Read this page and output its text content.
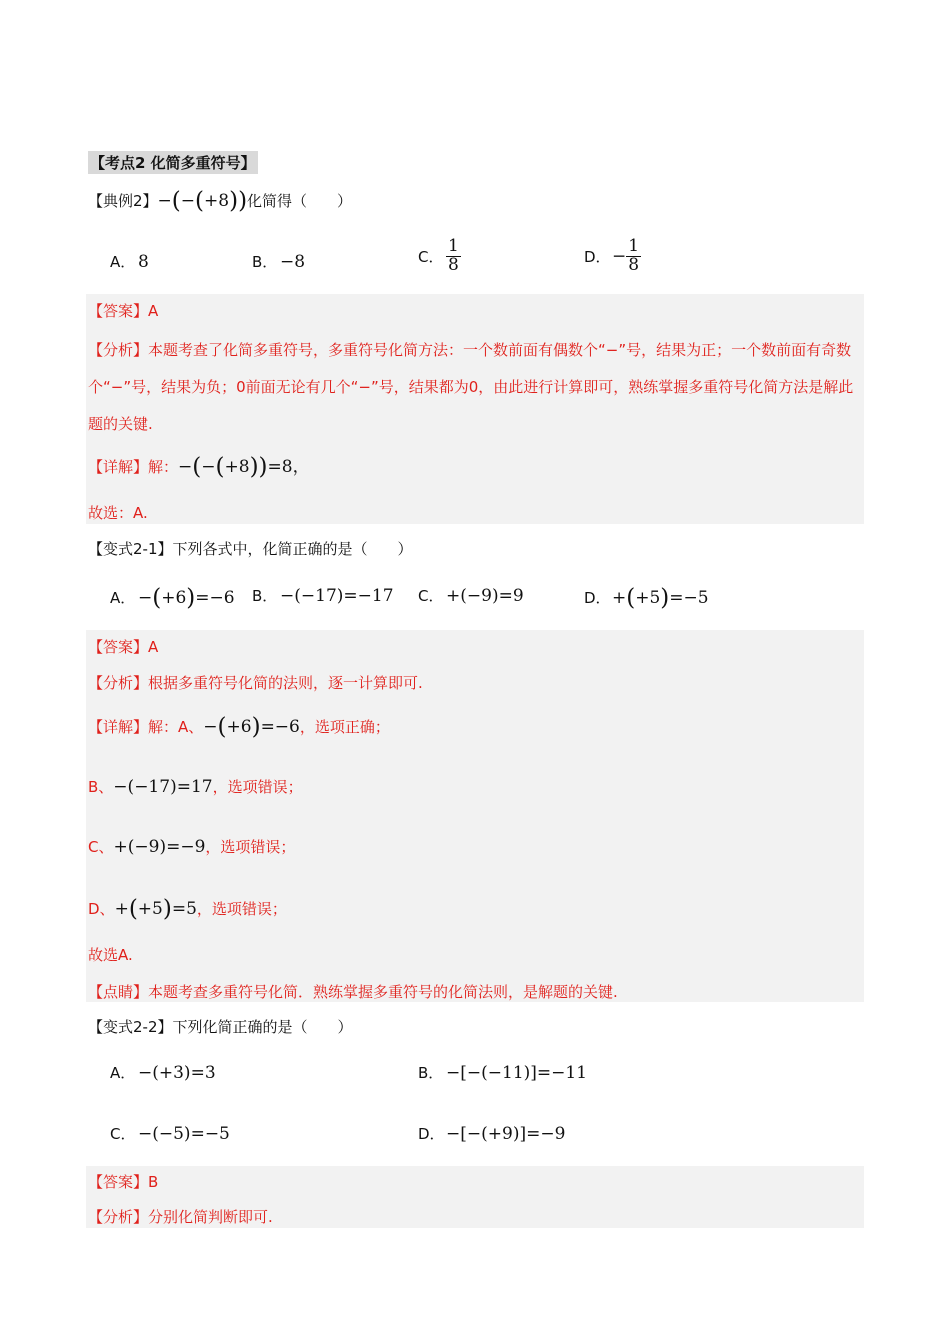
【考点2 化简多重符号】
【典例2】−(−(+8))化简得（　　）
A． 8	B． −8	C． $\frac{1}{8}$	D．− $\frac{1}{8}$
【答案】A
【分析】本题考查了化简多重符号，多重符号化简方法：一个数前面有偶数个“−”号，结果为正；一个数前面有奇数个“−”号，结果为负；0前面无论有几个“−”号，结果都为0，由此进行计算即可，熟练掌握多重符号化简方法是解此题的关键.
【详解】解：−(−(+8))=8，
故选：A.
【变式2-1】下列各式中，化简正确的是（　　）
A． −(+6)=−6 B． −(−17)=−17 C． +(−9)=9	D．+(+5)=−5
【答案】A
【分析】根据多重符号化简的法则，逐一计算即可.
【详解】解：A、−(+6)=−6，选项正确；
B、−(−17)=17，选项错误；
C、+(−9)=−9，选项错误；
D、+(+5)=5，选项错误；
故选A.
【点睛】本题考查多重符号化简．熟练掌握多重符号的化简法则，是解题的关键.
【变式2-2】下列化简正确的是（　　）
A． −(+3)=3	B． −[−(−11)]=−11
C． −(−5)=−5	D．−[−(+9)]=−9
【答案】B
【分析】分别化简判断即可.
